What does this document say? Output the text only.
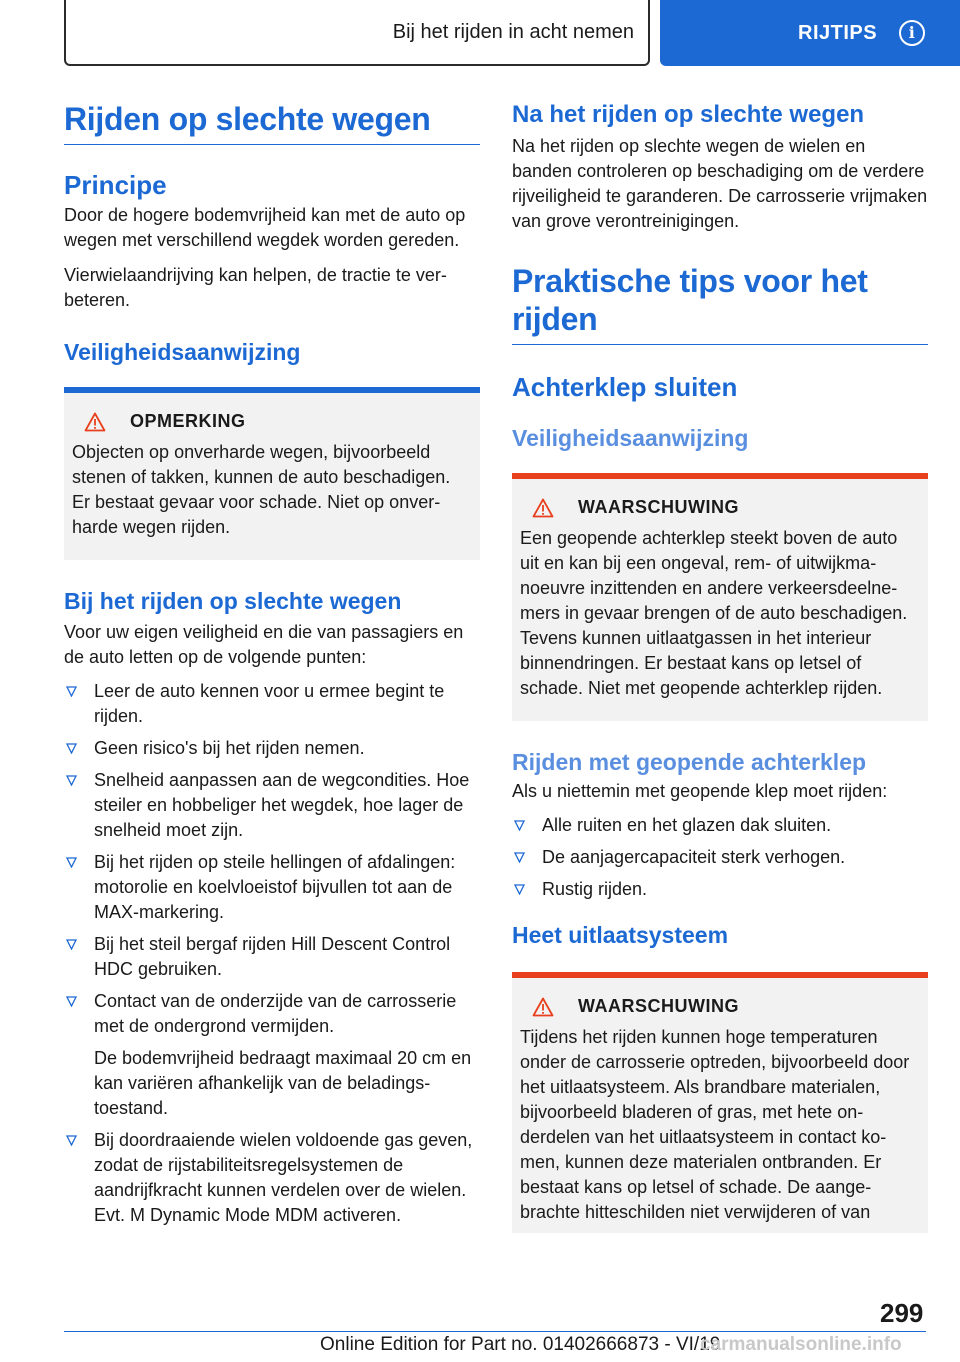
Bij het rijden in acht nemen	RIJTIPS	i
Rijden op slechte wegen
Principe
Door de hogere bodemvrijheid kan met de auto op wegen met verschillend wegdek worden gereden.
Vierwielaandrijving kan helpen, de tractie te verbeteren.
Veiligheidsaanwijzing
OPMERKING
Objecten op onverharde wegen, bijvoorbeeld stenen of takken, kunnen de auto beschadigen. Er bestaat gevaar voor schade. Niet op onverharde wegen rijden.
Bij het rijden op slechte wegen
Voor uw eigen veiligheid en die van passagiers en de auto letten op de volgende punten:
Leer de auto kennen voor u ermee begint te rijden.
Geen risico's bij het rijden nemen.
Snelheid aanpassen aan de wegcondities. Hoe steiler en hobbeliger het wegdek, hoe lager de snelheid moet zijn.
Bij het rijden op steile hellingen of afdalingen: motorolie en koelvloeistof bijvullen tot aan de MAX-markering.
Bij het steil bergaf rijden Hill Descent Control HDC gebruiken.
Contact van de onderzijde van de carrosserie met de ondergrond vermijden.
De bodemvrijheid bedraagt maximaal 20 cm en kan variëren afhankelijk van de beladingstoestand.
Bij doordraaiende wielen voldoende gas geven, zodat de rijstabiliteitsregelsystemen de aandrijfkracht kunnen verdelen over de wielen. Evt. M Dynamic Mode MDM activeren.
Na het rijden op slechte wegen
Na het rijden op slechte wegen de wielen en banden controleren op beschadiging om de verdere rijveiligheid te garanderen. De carrosserie vrijmaken van grove verontreinigingen.
Praktische tips voor het rijden
Achterklep sluiten
Veiligheidsaanwijzing
WAARSCHUWING
Een geopende achterklep steekt boven de auto uit en kan bij een ongeval, rem- of uitwijkmanoeuvre inzittenden en andere verkeersdeelnemers in gevaar brengen of de auto beschadigen. Tevens kunnen uitlaatgassen in het interieur binnendringen. Er bestaat kans op letsel of schade. Niet met geopende achterklep rijden.
Rijden met geopende achterklep
Als u niettemin met geopende klep moet rijden:
Alle ruiten en het glazen dak sluiten.
De aanjagercapaciteit sterk verhogen.
Rustig rijden.
Heet uitlaatsysteem
WAARSCHUWING
Tijdens het rijden kunnen hoge temperaturen onder de carrosserie optreden, bijvoorbeeld door het uitlaatsysteem. Als brandbare materialen, bijvoorbeeld bladeren of gras, met hete onderdelen van het uitlaatsysteem in contact komen, kunnen deze materialen ontbranden. Er bestaat kans op letsel of schade. De aangebrachte hitteschilden niet verwijderen of van
299
Online Edition for Part no. 01402666873 - VI/19
carmanualsonline.info
